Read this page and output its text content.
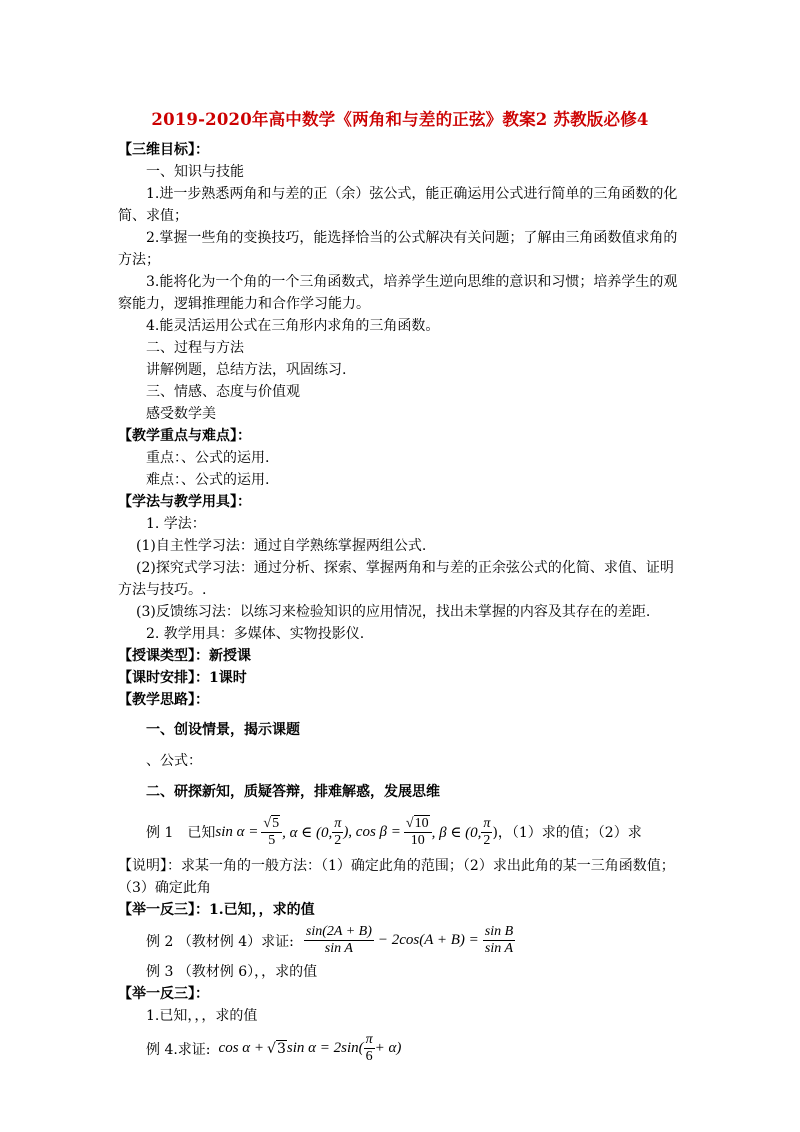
2019-2020年高中数学《两角和与差的正弦》教案2 苏教版必修4
【三维目标】：
一、知识与技能
1.进一步熟悉两角和与差的正（余）弦公式，能正确运用公式进行简单的三角函数的化
简、求值；
2.掌握一些角的变换技巧，能选择恰当的公式解决有关问题；了解由三角函数值求角的
方法；
3.能将化为一个角的一个三角函数式，培养学生逆向思维的意识和习惯；培养学生的观
察能力，逻辑推理能力和合作学习能力。
4.能灵活运用公式在三角形内求角的三角函数。
二、过程与方法
讲解例题，总结方法，巩固练习.
三、情感、态度与价值观
感受数学美
【教学重点与难点】：
重点：、公式的运用.
难点：、公式的运用.
【学法与教学用具】：
1. 学法：
(1)自主性学习法：通过自学熟练掌握两组公式.
(2)探究式学习法：通过分析、探索、掌握两角和与差的正余弦公式的化简、求值、证明
方法与技巧。.
(3)反馈练习法：以练习来检验知识的应用情况，找出未掌握的内容及其存在的差距.
2. 教学用具：多媒体、实物投影仪.
【授课类型】：新授课
【课时安排】：1课时
【教学思路】：
一、创设情景，揭示课题
、公式：
二、研探新知，质疑答辩，排难解惑，发展思维
例 1 已知 $\sin \alpha = \frac{√5}{5}$ , α ∈ (0, $\frac{\pi}{2}$ ), $\cos \beta = \frac{√10}{10}$ , β ∈ (0, $\frac{\pi}{2}$ )，（1）求的值；（2）求
【说明】：求某一角的一般方法：（1）确定此角的范围；（2）求出此角的某一三角函数值；
（3）确定此角
【举一反三】：1.已知，，求的值
例 2 （教材例 4）求证: $\frac{\sin(2A + B)}{\text{sin A}} - 2\cos(A + B) = \frac{\text{sin B}}{\text{sin A}}$
例 3 （教材例 6），，求的值
【举一反三】：
1.已知，，，求的值
例 4.求证: cos α + √3 $\sin \alpha = 2\sin( \frac{\pi}{6} + \alpha)$
